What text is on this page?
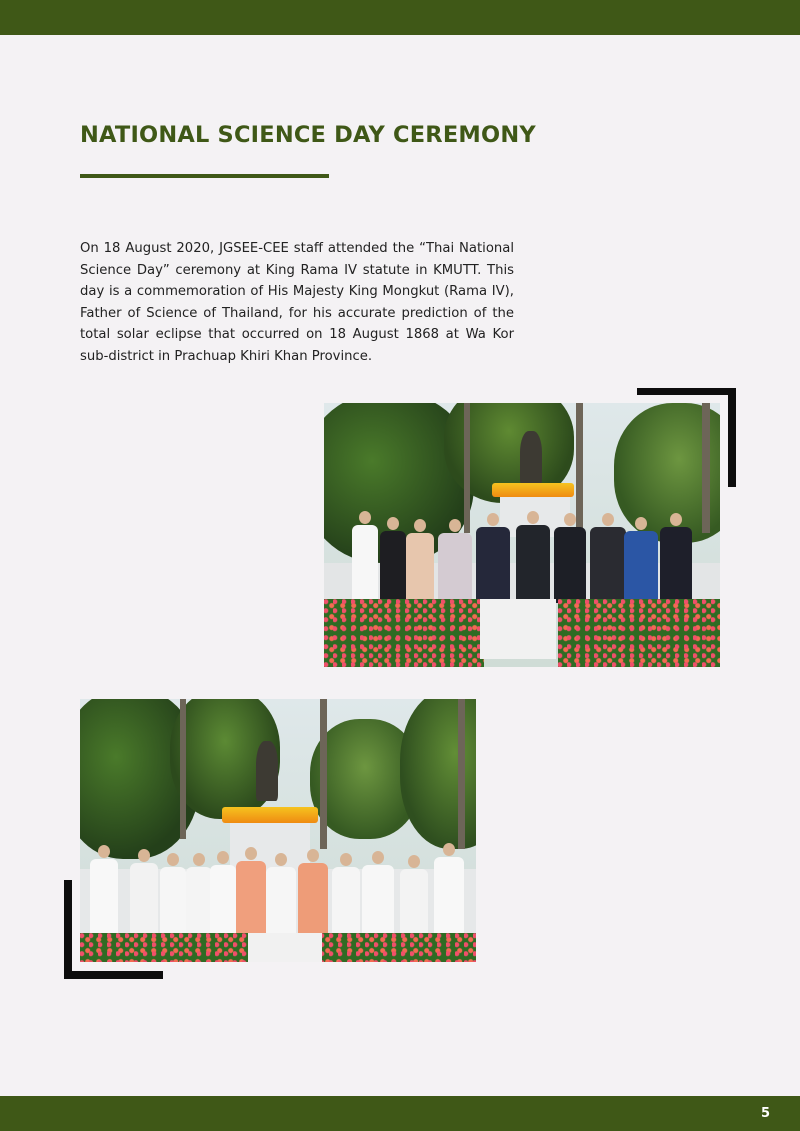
NATIONAL SCIENCE DAY CEREMONY

On 18 August 2020, JGSEE-CEE staff attended the “Thai National Science Day” ceremony at King Rama IV statute in KMUTT. This day is a commemoration of His Majesty King Mongkut (Rama IV), Father of Science of Thailand, for his accurate prediction of the total solar eclipse that occurred on 18 August 1868 at Wa Kor sub-district in Prachuap Khiri Khan Province.

5
